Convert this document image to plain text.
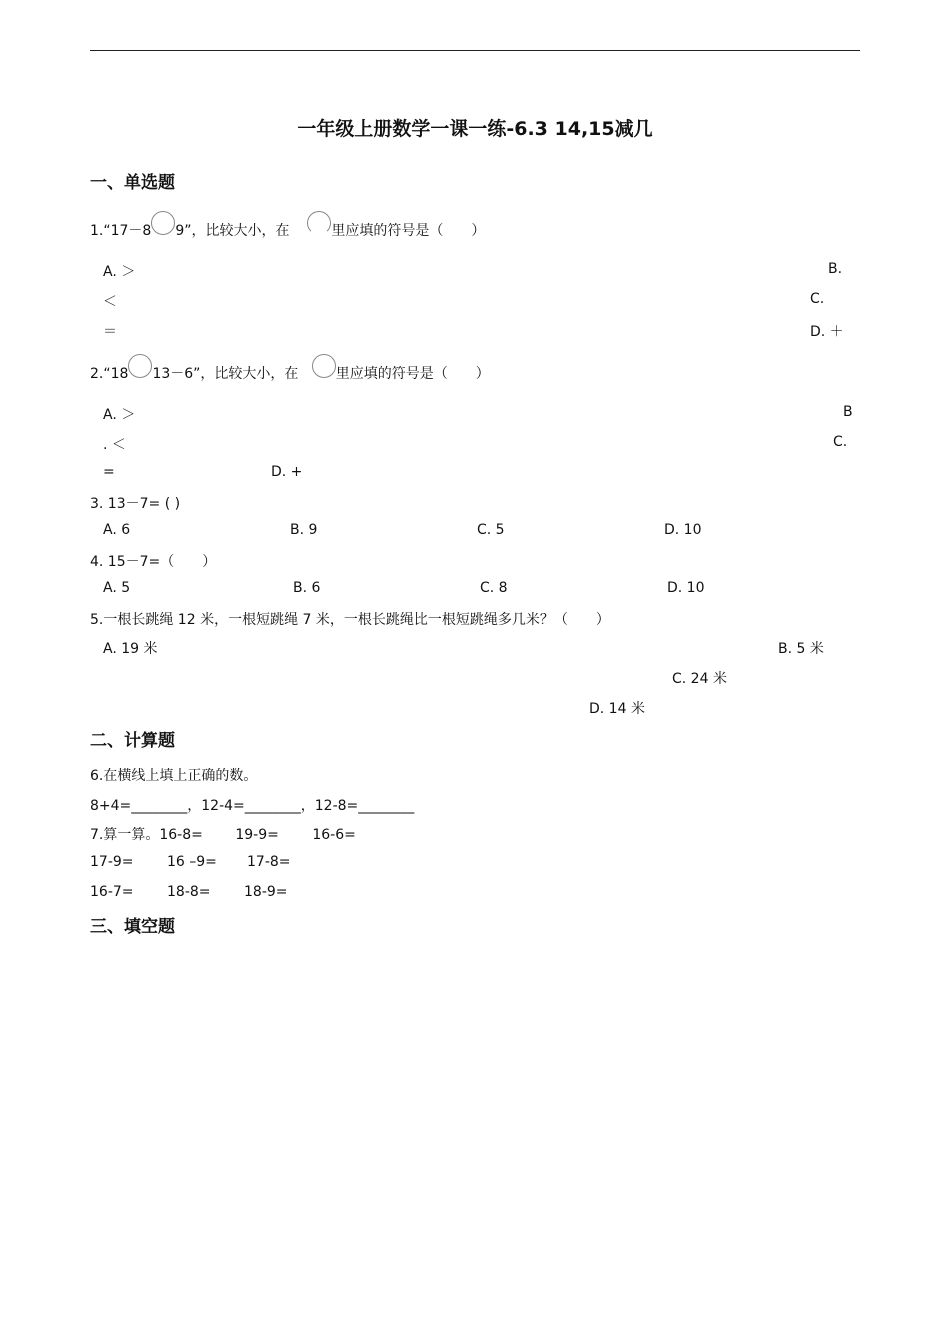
一年级上册数学一课一练-6.3 14,15减几
一、单选题
1.“17－8 9”，比较大小，在	里应填的符号是（　　）
A. ＞	B.
＜	C.
＝	D. ＋
2.“18 13－6”，比较大小，在	里应填的符号是（　　）
A. ＞	B
. ＜	C.
=	D. +
3. 13－7= ( )
A. 6	B. 9	C. 5	D. 10
4. 15－7=（　　）
A. 5	B. 6	C. 8	D. 10
5.一根长跳绳 12 米，一根短跳绳 7 米，一根长跳绳比一根短跳绳多几米？（　　）
A. 19 米	B. 5 米
C. 24 米
D. 14 米
二、计算题
6.在横线上填上正确的数。
8+4=________，12-4=________，12-8=________
7.算一算。16-8= 19-9= 16-6=
17-9= 16 –9= 17-8=
16-7= 18-8= 18-9=
三、填空题
